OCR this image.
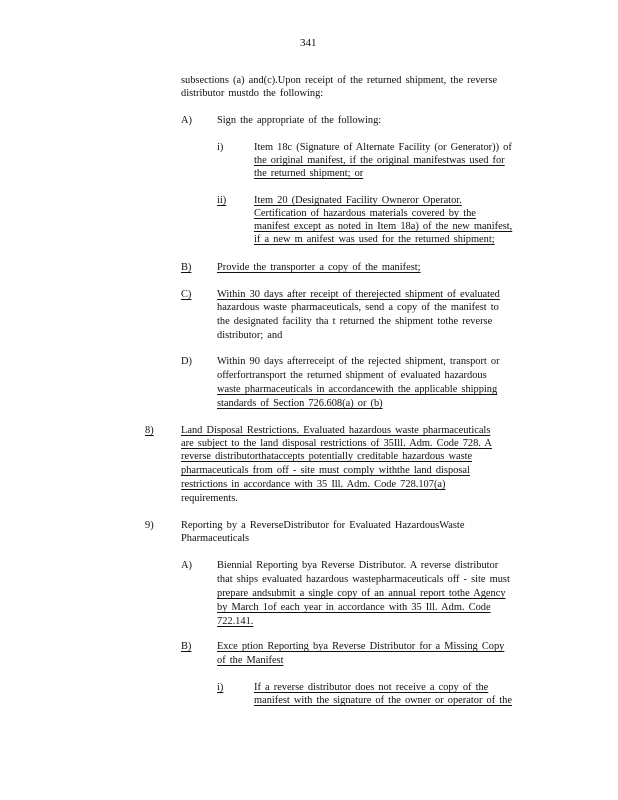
341
subsections (a) and(c).Upon receipt of the returned shipment, the reverse
distributor mustdo the following:
A) Sign the appropriate of the following:
i)	Item 18c (Signature of Alternate Facility (or Generator)) of
the original manifest, if the original manifestwas used for
the returned shipment; or
ii)	Item 20 (Designated Facility Owneror Operator.
Certification of hazardous materials covered by the
manifest except as noted in Item 18a) of the new manifest,
if a new m anifest was used for the returned shipment;
B) Provide the transporter a copy of the manifest;
C) Within 30 days after receipt of therejected shipment of evaluated
hazardous waste pharmaceuticals, send a copy of the manifest to
the designated facility tha t returned the shipment tothe reverse
distributor; and
D) Within 90 days afterreceipt of the rejected shipment, transport or
offerfortransport the returned shipment of evaluated hazardous
waste pharmaceuticals in accordancewith the applicable shipping
standards of Section 726.608(a) or (b)
8)	Land Disposal Restrictions. Evaluated hazardous waste pharmaceuticals
are subject to the land disposal restrictions of 35Ill. Adm. Code 728. A
reverse distributorthataccepts potentially creditable hazardous waste
pharmaceuticals from off - site must comply withthe land disposal
restrictions in accordance with 35 Ill. Adm. Code 728.107(a)
requirements.
9)	Reporting by a ReverseDistributor for Evaluated HazardousWaste
Pharmaceuticals
A) Biennial Reporting bya Reverse Distributor. A reverse distributor
that ships evaluated hazardous wastepharmaceuticals off - site must
prepare andsubmit a single copy of an annual report tothe Agency
by March 1of each year in accordance with 35 Ill. Adm. Code
722.141.
B) Exce ption Reporting bya Reverse Distributor for a Missing Copy
of the Manifest
i)	If a reverse distributor does not receive a copy of the
manifest with the signature of the owner or operator of the
